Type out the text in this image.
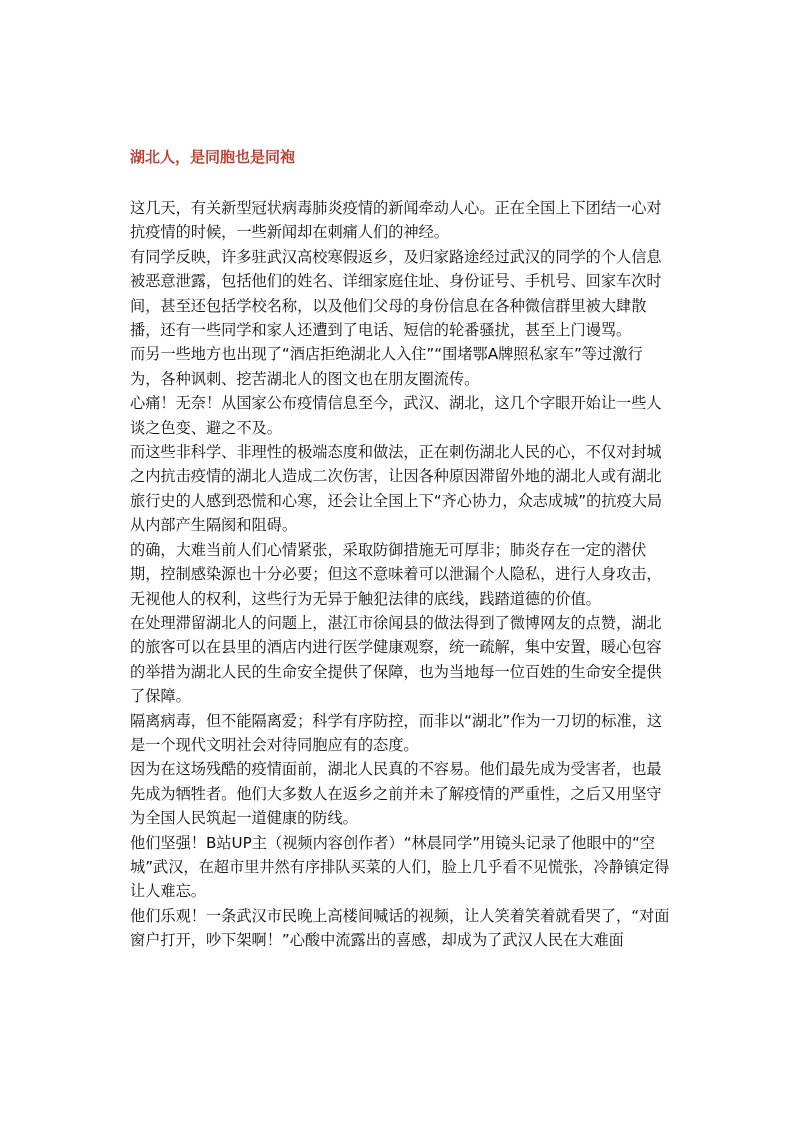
湖北人，是同胞也是同袍

这几天，有关新型冠状病毒肺炎疫情的新闻牵动人心。正在全国上下团结一心对抗疫情的时候，一些新闻却在刺痛人们的神经。

有同学反映，许多驻武汉高校寒假返乡，及归家路途经过武汉的同学的个人信息被恶意泄露，包括他们的姓名、详细家庭住址、身份证号、手机号、回家车次时间，甚至还包括学校名称，以及他们父母的身份信息在各种微信群里被大肆散播，还有一些同学和家人还遭到了电话、短信的轮番骚扰，甚至上门谩骂。

而另一些地方也出现了“酒店拒绝湖北人入住”“围堵鄂A牌照私家车”等过激行为，各种讽刺、挖苦湖北人的图文也在朋友圈流传。

心痛！无奈！从国家公布疫情信息至今，武汉、湖北，这几个字眼开始让一些人谈之色变、避之不及。

而这些非科学、非理性的极端态度和做法，正在刺伤湖北人民的心，不仅对封城之内抗击疫情的湖北人造成二次伤害，让因各种原因滞留外地的湖北人或有湖北旅行史的人感到恐慌和心寒，还会让全国上下“齐心协力，众志成城”的抗疫大局从内部产生隔阂和阻碍。

的确，大难当前人们心情紧张，采取防御措施无可厚非；肺炎存在一定的潜伏期，控制感染源也十分必要；但这不意味着可以泄漏个人隐私，进行人身攻击，无视他人的权利，这些行为无异于触犯法律的底线，践踏道德的价值。

在处理滞留湖北人的问题上，湛江市徐闻县的做法得到了微博网友的点赞，湖北的旅客可以在县里的酒店内进行医学健康观察，统一疏解，集中安置，暖心包容的举措为湖北人民的生命安全提供了保障，也为当地每一位百姓的生命安全提供了保障。

隔离病毒，但不能隔离爱；科学有序防控，而非以“湖北”作为一刀切的标准，这是一个现代文明社会对待同胞应有的态度。

因为在这场残酷的疫情面前，湖北人民真的不容易。他们最先成为受害者，也最先成为牺牲者。他们大多数人在返乡之前并未了解疫情的严重性，之后又用坚守为全国人民筑起一道健康的防线。

他们坚强！B站UP主（视频内容创作者）“林晨同学”用镜头记录了他眼中的“空城”武汉，在超市里井然有序排队买菜的人们，脸上几乎看不见慌张，冷静镇定得让人难忘。

他们乐观！一条武汉市民晚上高楼间喊话的视频，让人笑着笑着就看哭了，“对面窗户打开，吵下架啊！”心酸中流露出的喜感，却成为了武汉人民在大难面
